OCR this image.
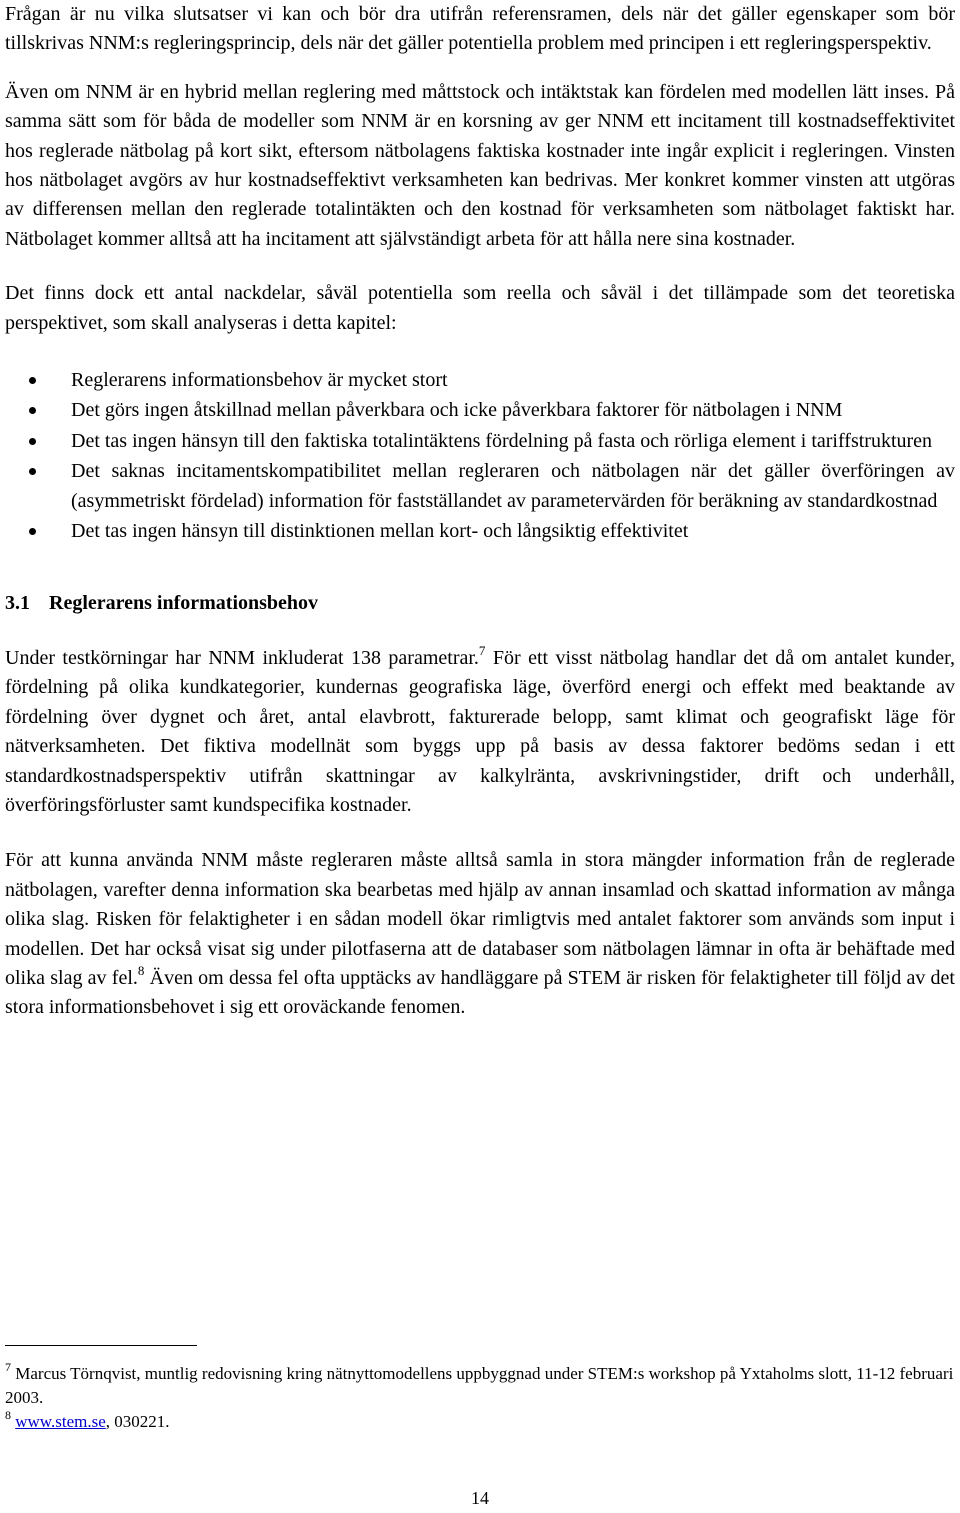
Frågan är nu vilka slutsatser vi kan och bör dra utifrån referensramen, dels när det gäller egenskaper som bör tillskrivas NNM:s regleringsprincip, dels när det gäller potentiella problem med principen i ett regleringsperspektiv.

Även om NNM är en hybrid mellan reglering med måttstock och intäktstak kan fördelen med modellen lätt inses. På samma sätt som för båda de modeller som NNM är en korsning av ger NNM ett incitament till kostnadseffektivitet hos reglerade nätbolag på kort sikt, eftersom nätbolagens faktiska kostnader inte ingår explicit i regleringen. Vinsten hos nätbolaget avgörs av hur kostnadseffektivt verksamheten kan bedrivas. Mer konkret kommer vinsten att utgöras av differensen mellan den reglerade totalintäkten och den kostnad för verksamheten som nätbolaget faktiskt har. Nätbolaget kommer alltså att ha incitament att självständigt arbeta för att hålla nere sina kostnader.

Det finns dock ett antal nackdelar, såväl potentiella som reella och såväl i det tillämpade som det teoretiska perspektivet, som skall analyseras i detta kapitel:

Reglerarens informationsbehov är mycket stort
Det görs ingen åtskillnad mellan påverkbara och icke påverkbara faktorer för nätbolagen i NNM
Det tas ingen hänsyn till den faktiska totalintäktens fördelning på fasta och rörliga element i tariffstrukturen
Det saknas incitamentskompatibilitet mellan regleraren och nätbolagen när det gäller överföringen av (asymmetriskt fördelad) information för fastställandet av parametervärden för beräkning av standardkostnad
Det tas ingen hänsyn till distinktionen mellan kort- och långsiktig effektivitet
3.1 Reglerarens informationsbehov

Under testkörningar har NNM inkluderat 138 parametrar.$^7$ För ett visst nätbolag handlar det då om antalet kunder, fördelning på olika kundkategorier, kundernas geografiska läge, överförd energi och effekt med beaktande av fördelning över dygnet och året, antal elavbrott, fakturerade belopp, samt klimat och geografiskt läge för nätverksamheten. Det fiktiva modellnät som byggs upp på basis av dessa faktorer bedöms sedan i ett standardkostnadsperspektiv utifrån skattningar av kalkylränta, avskrivningstider, drift och underhåll, överföringsförluster samt kundspecifika kostnader.

För att kunna använda NNM måste regleraren måste alltså samla in stora mängder information från de reglerade nätbolagen, varefter denna information ska bearbetas med hjälp av annan insamlad och skattad information av många olika slag. Risken för felaktigheter i en sådan modell ökar rimligtvis med antalet faktorer som används som input i modellen. Det har också visat sig under pilotfaserna att de databaser som nätbolagen lämnar in ofta är behäftade med olika slag av fel.$^8$ Även om dessa fel ofta upptäcks av handläggare på STEM är risken för felaktigheter till följd av det stora informationsbehovet i sig ett oroväckande fenomen.

$^7$ Marcus Törnqvist, muntlig redovisning kring nätnyttomodellens uppbyggnad under STEM:s workshop på Yxtaholms slott, 11-12 februari 2003.
$^8$ www.stem.se, 030221.
14
